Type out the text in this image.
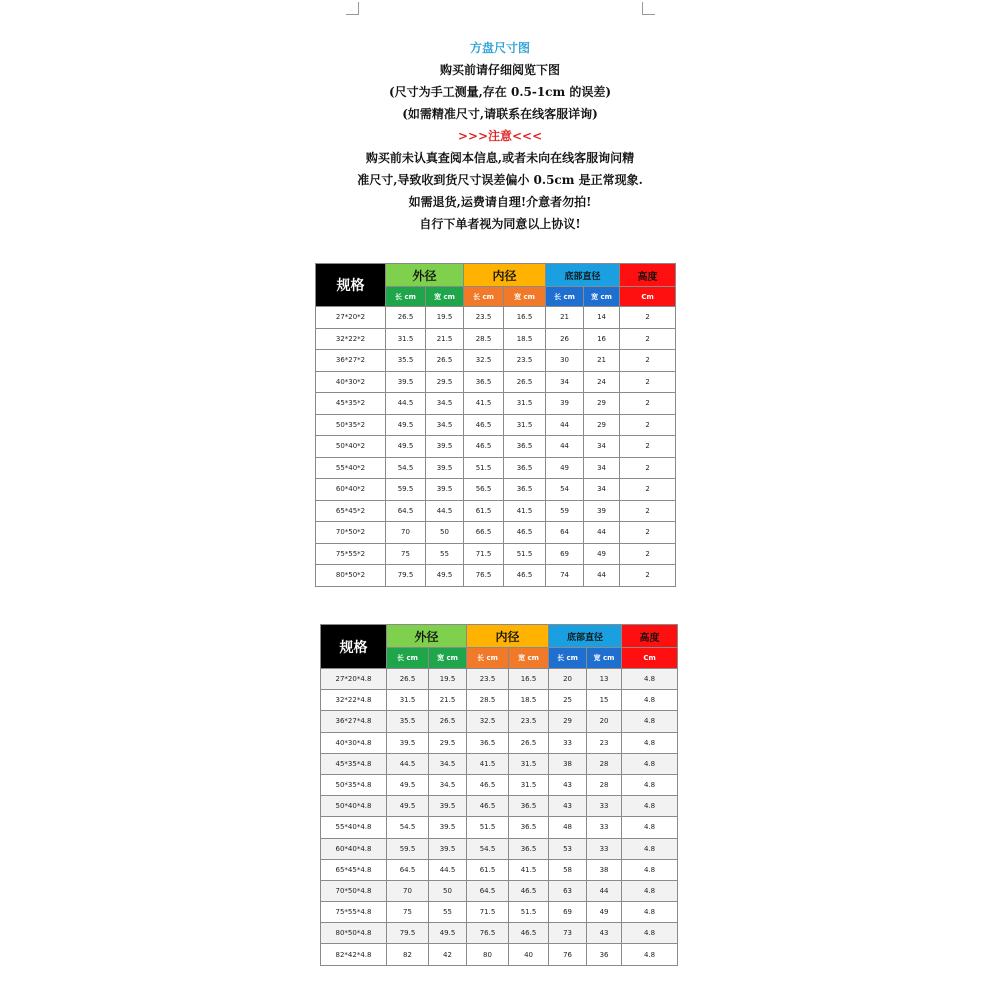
方盘尺寸图
购买前请仔细阅览下图
(尺寸为手工测量,存在 0.5-1cm 的误差)
(如需精准尺寸,请联系在线客服详询)
>>>注意<<<
购买前未认真查阅本信息,或者未向在线客服询问精
准尺寸,导致收到货尺寸误差偏小 0.5cm 是正常现象.
如需退货,运费请自理!介意者勿拍!
自行下单者视为同意以上协议!
规格	外径		内径		底部直径		高度
	长 cm	宽 cm	长 cm	宽 cm	长 cm	宽 cm	Cm
27*20*2	26.5	19.5	23.5	16.5	21	14	2
32*22*2	31.5	21.5	28.5	18.5	26	16	2
36*27*2	35.5	26.5	32.5	23.5	30	21	2
40*30*2	39.5	29.5	36.5	26.5	34	24	2
45*35*2	44.5	34.5	41.5	31.5	39	29	2
50*35*2	49.5	34.5	46.5	31.5	44	29	2
50*40*2	49.5	39.5	46.5	36.5	44	34	2
55*40*2	54.5	39.5	51.5	36.5	49	34	2
60*40*2	59.5	39.5	56.5	36.5	54	34	2
65*45*2	64.5	44.5	61.5	41.5	59	39	2
70*50*2	70	50	66.5	46.5	64	44	2
75*55*2	75	55	71.5	51.5	69	49	2
80*50*2	79.5	49.5	76.5	46.5	74	44	2
规格	外径		内径		底部直径		高度
	长 cm	宽 cm	长 cm	宽 cm	长 cm	宽 cm	Cm
27*20*4.8	26.5	19.5	23.5	16.5	20	13	4.8
32*22*4.8	31.5	21.5	28.5	18.5	25	15	4.8
36*27*4.8	35.5	26.5	32.5	23.5	29	20	4.8
40*30*4.8	39.5	29.5	36.5	26.5	33	23	4.8
45*35*4.8	44.5	34.5	41.5	31.5	38	28	4.8
50*35*4.8	49.5	34.5	46.5	31.5	43	28	4.8
50*40*4.8	49.5	39.5	46.5	36.5	43	33	4.8
55*40*4.8	54.5	39.5	51.5	36.5	48	33	4.8
60*40*4.8	59.5	39.5	54.5	36.5	53	33	4.8
65*45*4.8	64.5	44.5	61.5	41.5	58	38	4.8
70*50*4.8	70	50	64.5	46.5	63	44	4.8
75*55*4.8	75	55	71.5	51.5	69	49	4.8
80*50*4.8	79.5	49.5	76.5	46.5	73	43	4.8
82*42*4.8	82	42	80	40	76	36	4.8
